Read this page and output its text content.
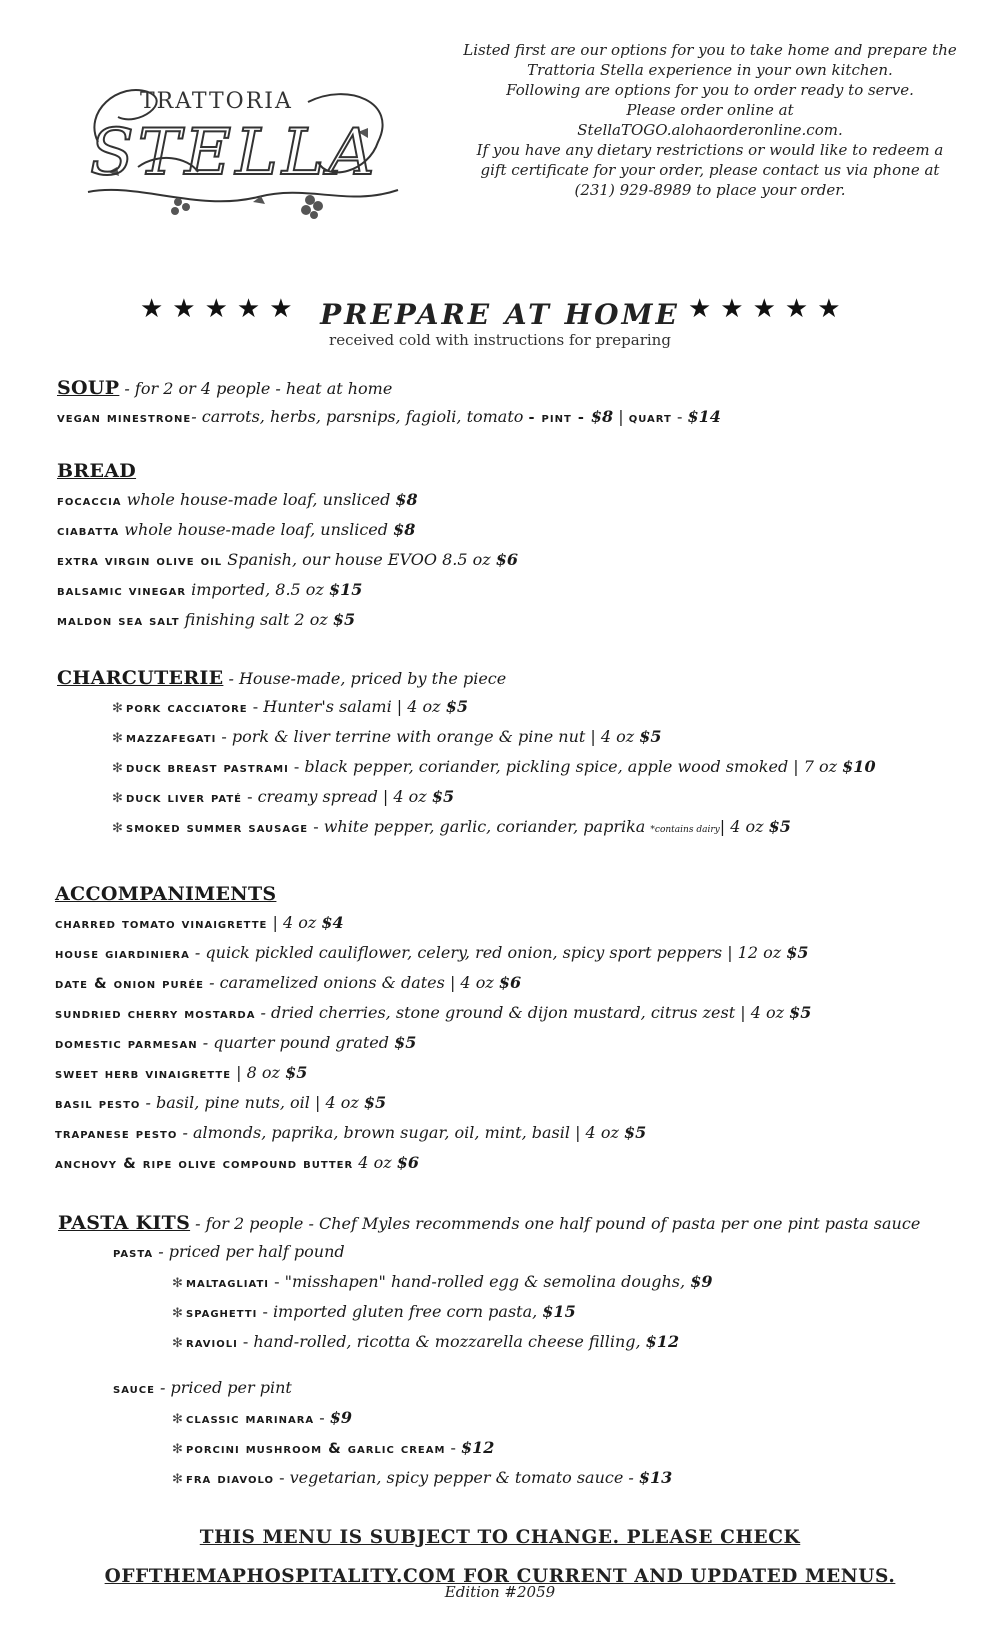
TRATTORIA
STELLA
Listed first are our options for you to take home and prepare the
Trattoria Stella experience in your own kitchen.
Following are options for you to order ready to serve.
Please order online at
StellaTOGO.alohaorderonline.com.
If you have any dietary restrictions or would like to redeem a
gift certificate for your order, please contact us via phone at
(231) 929-8989 to place your order.
★★★★★ PREPARE AT HOME ★★★★★
received cold with instructions for preparing
SOUP - for 2 or 4 people - heat at home
vegan minestrone- carrots, herbs, parsnips, fagioli, tomato - pint - $8 | quart - $14
BREAD
focaccia whole house-made loaf, unsliced $8
ciabatta whole house-made loaf, unsliced $8
extra virgin olive oil Spanish, our house EVOO 8.5 oz $6
balsamic vinegar imported, 8.5 oz $15
maldon sea salt finishing salt 2 oz $5
CHARCUTERIE - House-made, priced by the piece
✻ pork cacciatore - Hunter's salami | 4 oz $5
✻ mazzafegati - pork & liver terrine with orange & pine nut | 4 oz $5
✻ duck breast pastrami - black pepper, coriander, pickling spice, apple wood smoked | 7 oz $10
✻ duck liver paté - creamy spread | 4 oz $5
✻ smoked summer sausage - white pepper, garlic, coriander, paprika *contains dairy| 4 oz $5
ACCOMPANIMENTS
charred tomato vinaigrette | 4 oz $4
house giardiniera - quick pickled cauliflower, celery, red onion, spicy sport peppers | 12 oz $5
date & onion purée - caramelized onions & dates | 4 oz $6
sundried cherry mostarda - dried cherries, stone ground & dijon mustard, citrus zest | 4 oz $5
domestic parmesan - quarter pound grated $5
sweet herb vinaigrette | 8 oz $5
basil pesto - basil, pine nuts, oil | 4 oz $5
trapanese pesto - almonds, paprika, brown sugar, oil, mint, basil | 4 oz $5
anchovy & ripe olive compound butter 4 oz $6
PASTA KITS - for 2 people - Chef Myles recommends one half pound of pasta per one pint pasta sauce
pasta - priced per half pound
✻ maltagliati - "misshapen" hand-rolled egg & semolina doughs, $9
✻ spaghetti - imported gluten free corn pasta, $15
✻ ravioli - hand-rolled, ricotta & mozzarella cheese filling, $12
sauce - priced per pint
✻ classic marinara - $9
✻ porcini mushroom & garlic cream - $12
✻ fra diavolo - vegetarian, spicy pepper & tomato sauce - $13
THIS MENU IS SUBJECT TO CHANGE. PLEASE CHECK
OFFTHEMAPHOSPITALITY.COM FOR CURRENT AND UPDATED MENUS.
Edition #2059
